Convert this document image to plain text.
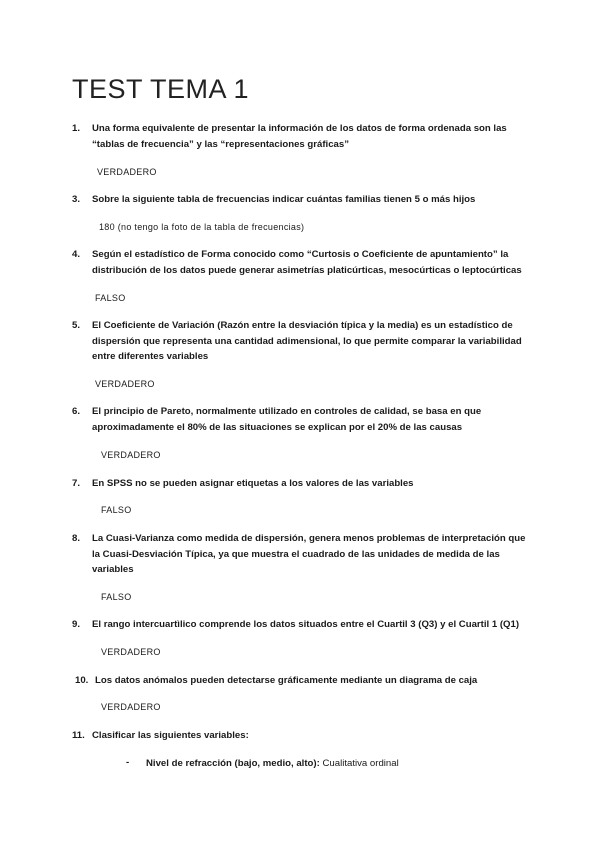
TEST TEMA 1
1. Una forma equivalente de presentar la información de los datos de forma ordenada son las “tablas de frecuencia” y las “representaciones gráficas”
VERDADERO
3. Sobre la siguiente tabla de frecuencias indicar cuántas familias tienen 5 o más hijos
180 (no tengo la foto de la tabla de frecuencias)
4. Según el estadístico de Forma conocido como “Curtosis o Coeficiente de apuntamiento” la distribución de los datos puede generar asimetrías platicúrticas, mesocúrticas o leptocúrticas
FALSO
5. El Coeficiente de Variación (Razón entre la desviación típica y la media) es un estadístico de dispersión que representa una cantidad adimensional, lo que permite comparar la variabilidad entre diferentes variables
VERDADERO
6. El principio de Pareto, normalmente utilizado en controles de calidad, se basa en que aproximadamente el 80% de las situaciones se explican por el 20% de las causas
VERDADERO
7. En SPSS no se pueden asignar etiquetas a los valores de las variables
FALSO
8. La Cuasi-Varianza como medida de dispersión, genera menos problemas de interpretación que la Cuasi-Desviación Típica, ya que muestra el cuadrado de las unidades de medida de las variables
FALSO
9. El rango intercuartìlico comprende los datos situados entre el Cuartil 3 (Q3) y el Cuartil 1 (Q1)
VERDADERO
10. Los datos anómalos pueden detectarse gráficamente mediante un diagrama de caja
VERDADERO
11. Clasificar las siguientes variables:
- Nivel de refracción (bajo, medio, alto): Cualitativa ordinal
